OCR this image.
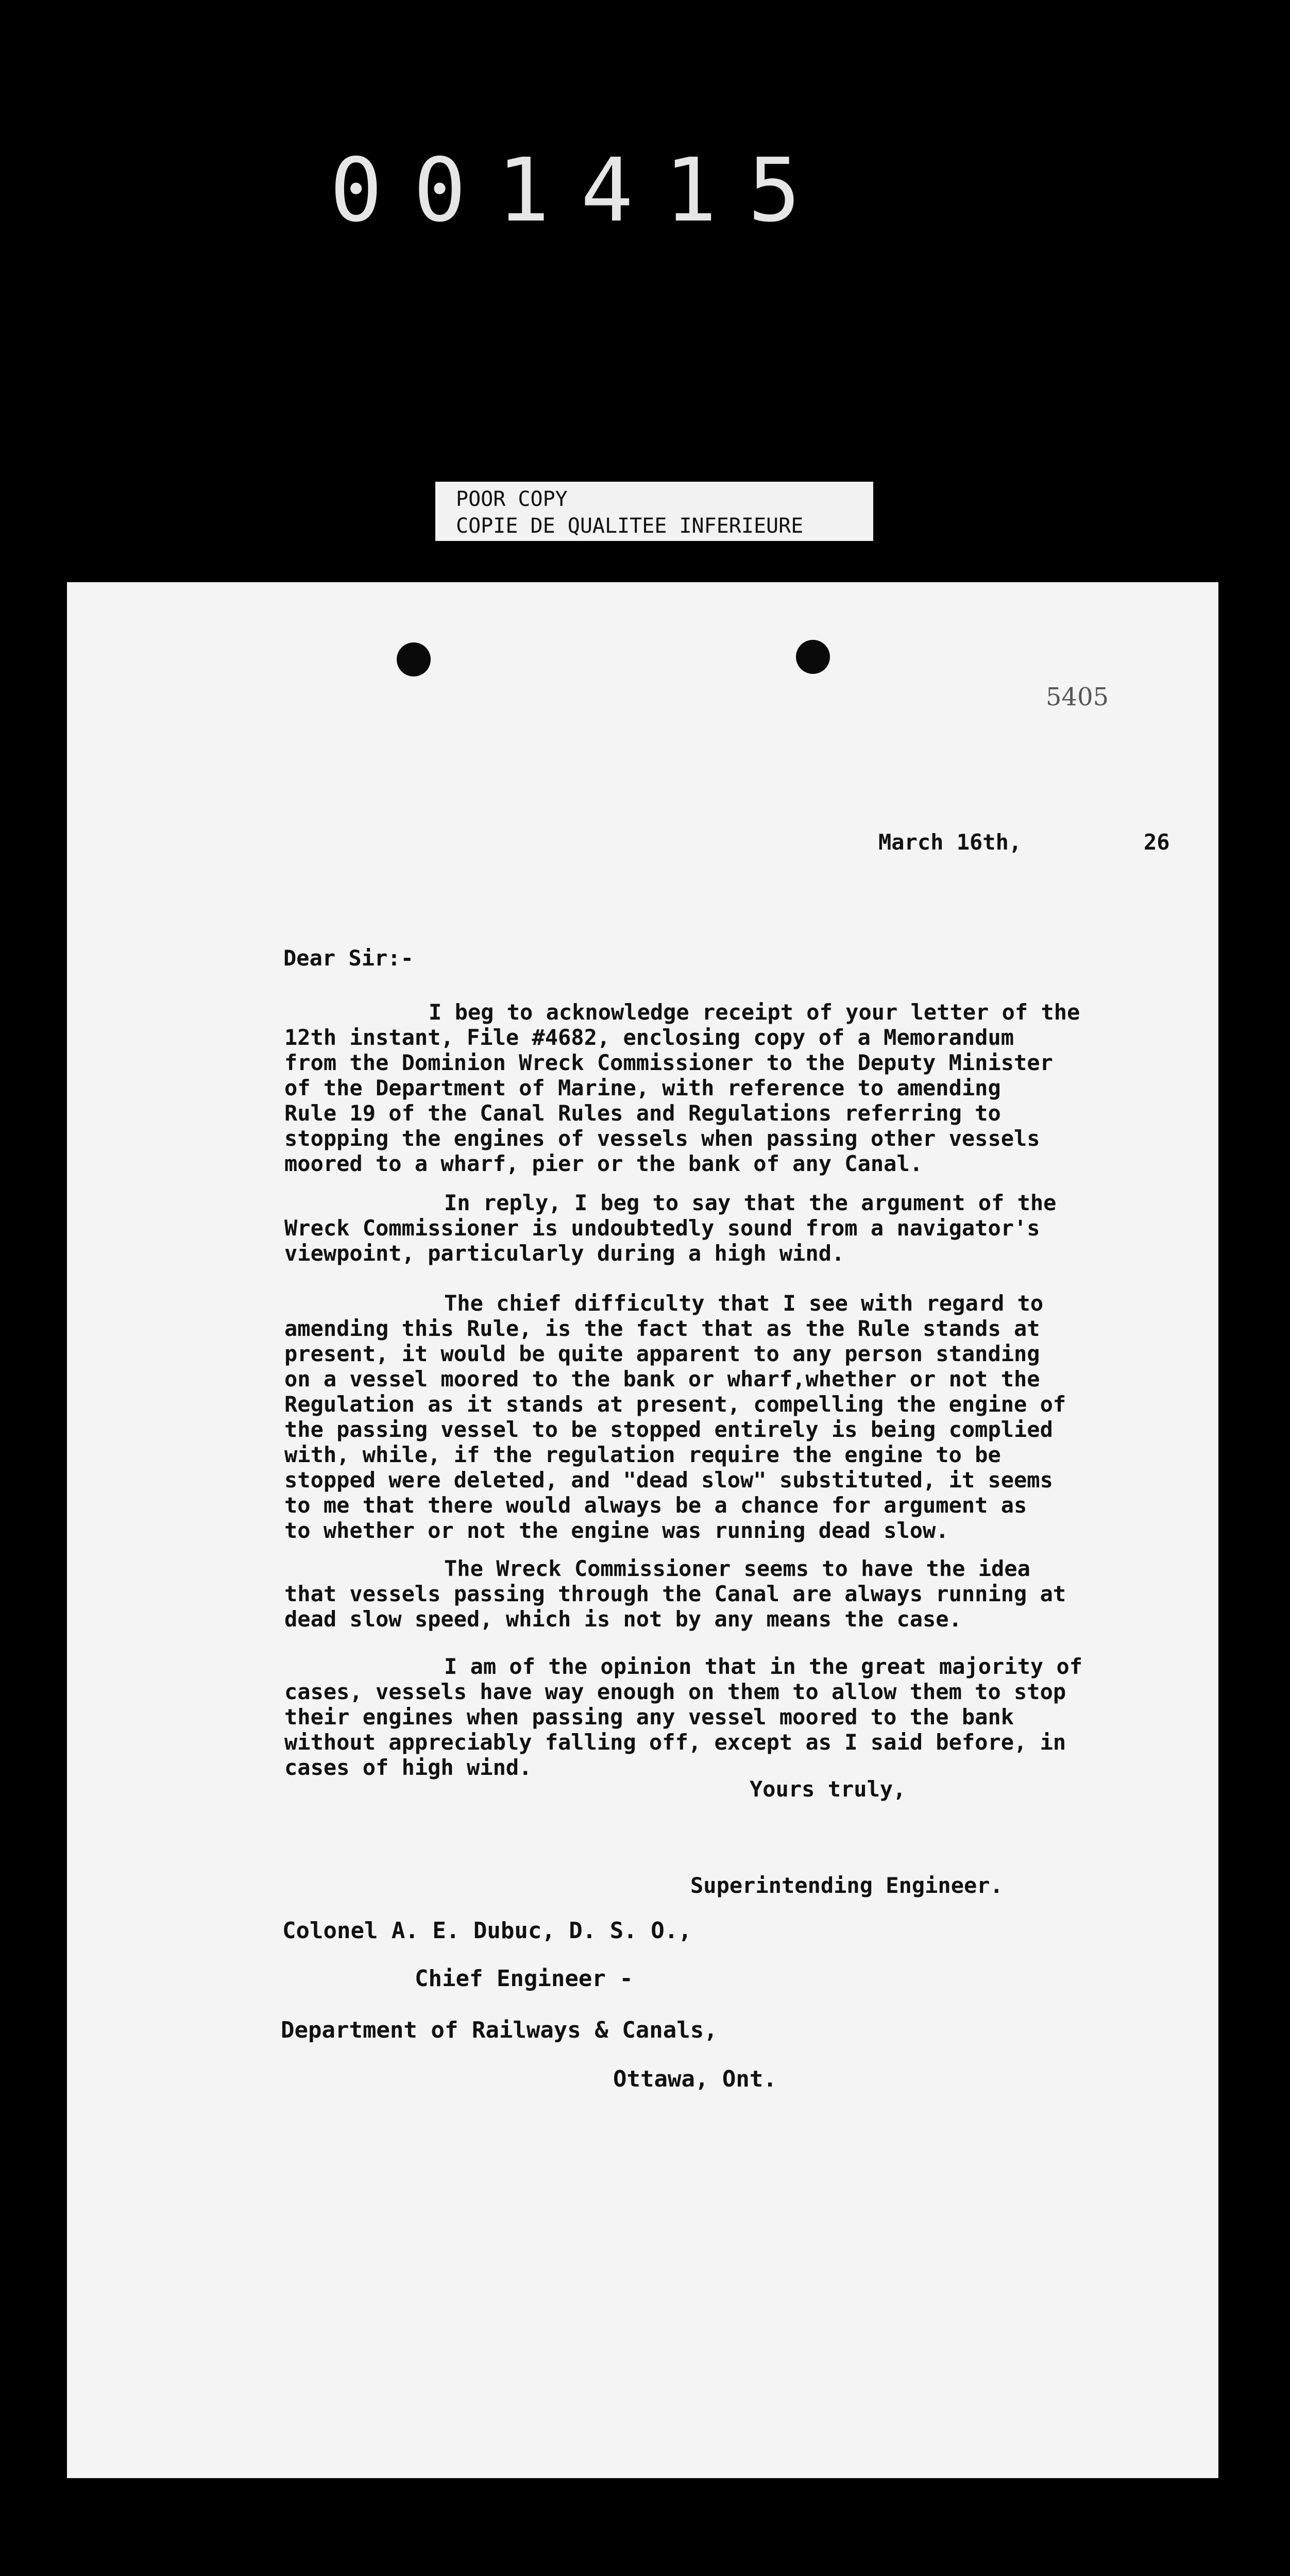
001415
POOR COPY
COPIE DE QUALITEE INFERIEURE
5405
March 16th,	26
Dear Sir:-
I beg to acknowledge receipt of your letter of the
12th instant, File #4682, enclosing copy of a Memorandum
from the Dominion Wreck Commissioner to the Deputy Minister
of the Department of Marine, with reference to amending
Rule 19 of the Canal Rules and Regulations referring to
stopping the engines of vessels when passing other vessels
moored to a wharf, pier or the bank of any Canal.
In reply, I beg to say that the argument of the
Wreck Commissioner is undoubtedly sound from a navigator's
viewpoint, particularly during a high wind.
The chief difficulty that I see with regard to
amending this Rule, is the fact that as the Rule stands at
present, it would be quite apparent to any person standing
on a vessel moored to the bank or wharf,whether or not the
Regulation as it stands at present, compelling the engine of
the passing vessel to be stopped entirely is being complied
with, while, if the regulation require the engine to be
stopped were deleted, and "dead slow" substituted, it seems
to me that there would always be a chance for argument as
to whether or not the engine was running dead slow.
The Wreck Commissioner seems to have the idea
that vessels passing through the Canal are always running at
dead slow speed, which is not by any means the case.
I am of the opinion that in the great majority of
cases, vessels have way enough on them to allow them to stop
their engines when passing any vessel moored to the bank
without appreciably falling off, except as I said before, in
cases of high wind.
Yours truly,
Superintending Engineer.
Colonel A. E. Dubuc, D. S. O.,
Chief Engineer -
Department of Railways & Canals,
Ottawa, Ont.
